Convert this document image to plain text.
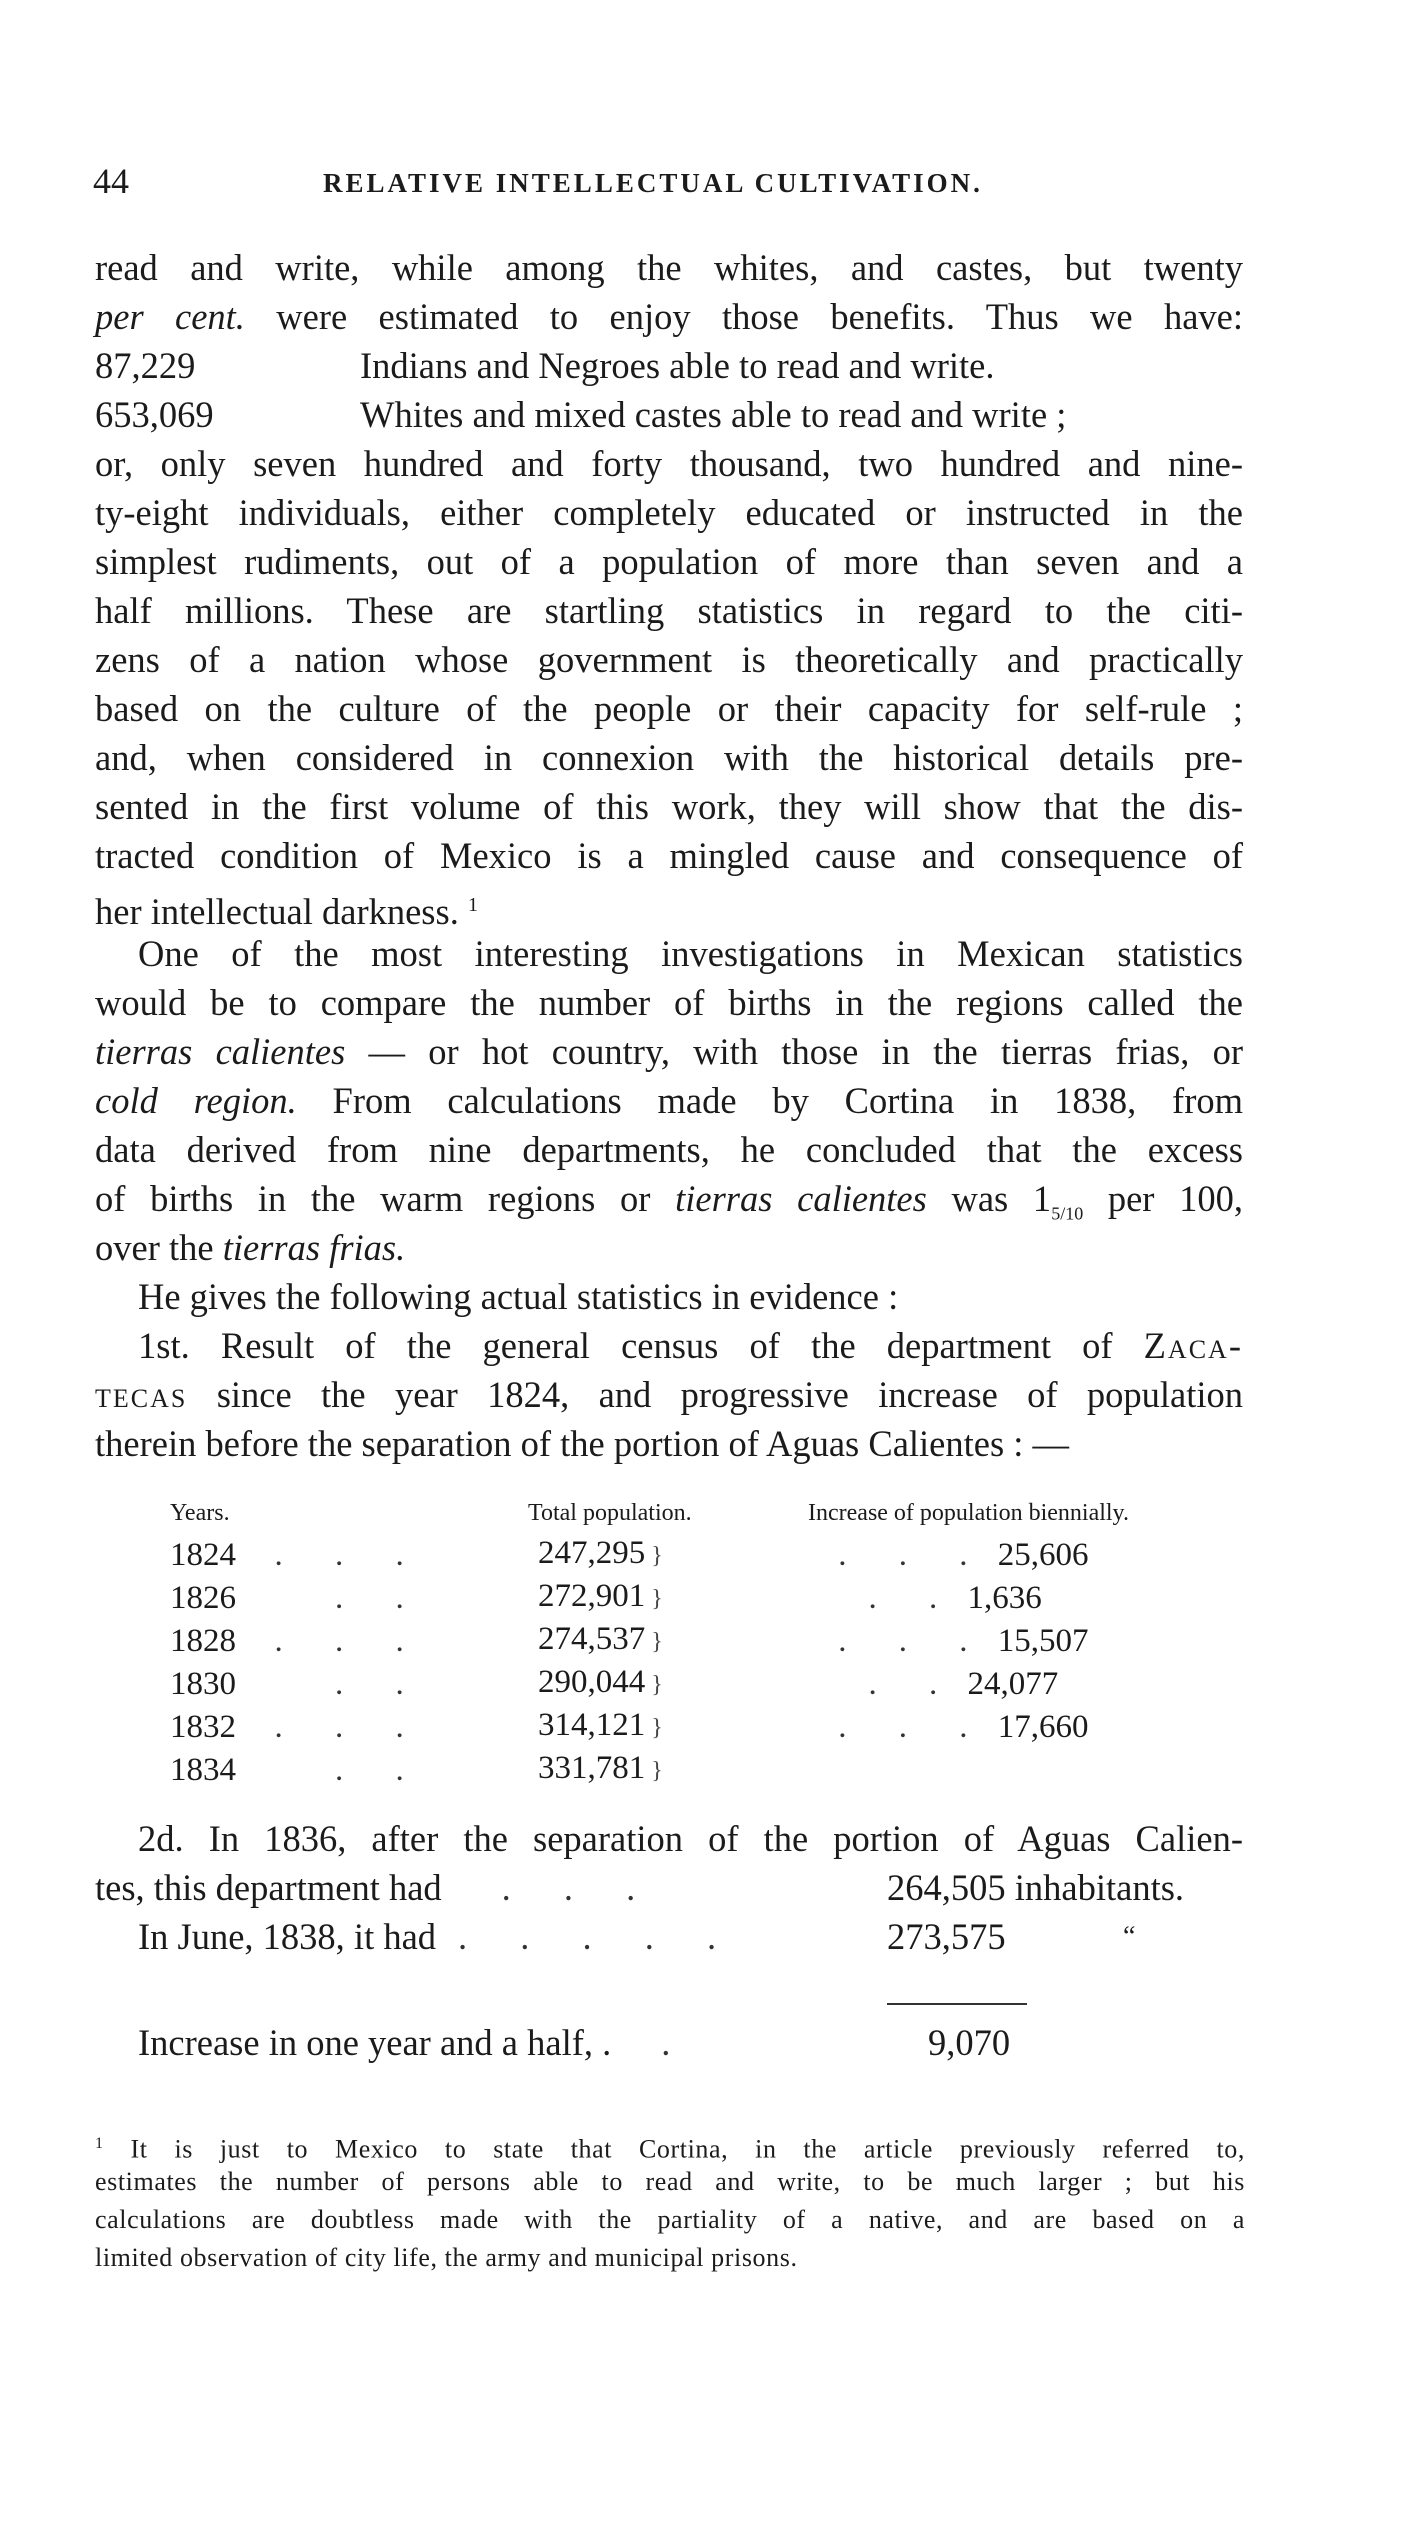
44	RELATIVE INTELLECTUAL CULTIVATION.
read and write, while among the whites, and castes, but twenty
per cent. were estimated to enjoy those benefits. Thus we have:
87,229	Indians and Negroes able to read and write.
653,069	Whites and mixed castes able to read and write ;
or, only seven hundred and forty thousand, two hundred and nine-
ty-eight individuals, either completely educated or instructed in the
simplest rudiments, out of a population of more than seven and a
half millions. These are startling statistics in regard to the citi-
zens of a nation whose government is theoretically and practically
based on the culture of the people or their capacity for self-rule ;
and, when considered in connexion with the historical details pre-
sented in the first volume of this work, they will show that the dis-
tracted condition of Mexico is a mingled cause and consequence of
her intellectual darkness. $^1$
One of the most interesting investigations in Mexican statistics
would be to compare the number of births in the regions called the
tierras calientes — or hot country, with those in the tierras frias, or
cold region. From calculations made by Cortina in 1838, from
data derived from nine departments, he concluded that the excess
of births in the warm regions or tierras calientes was $1_{5/10}$ per 100,
over the tierras frias.
He gives the following actual statistics in evidence :
1st. Result of the general census of the department of Zaca-
tecas since the year 1824, and progressive increase of population
therein before the separation of the portion of Aguas Calientes : —
Years.	Total population.	Increase of population biennially.
1824  . . .	247,295 }	. . . 25,606
1826    . .	272,901 }	. . 1,636
1828  . . .	274,537 }	. . . 15,507
1830    . .	290,044 }	. . 24,077
1832  . . .	314,121 }	. . . 17,660
1834    . .	331,781 }	
2d. In 1836, after the separation of the portion of Aguas Calien-
tes, this department had . . .	264,505 inhabitants.
In June, 1838, it had . . . . .	273,575	“
Increase in one year and a half, . .	9,070
$^1$ It is just to Mexico to state that Cortina, in the article previously referred to,
estimates the number of persons able to read and write, to be much larger ; but his
calculations are doubtless made with the partiality of a native, and are based on a
limited observation of city life, the army and municipal prisons.
